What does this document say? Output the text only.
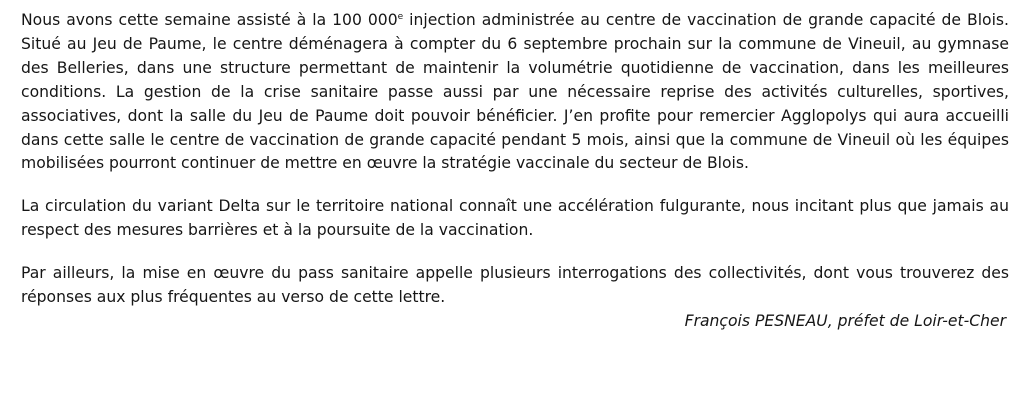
Nous avons cette semaine assisté à la 100 000e injection administrée au centre de vaccination de grande capacité de Blois. Situé au Jeu de Paume, le centre déménagera à compter du 6 septembre prochain sur la commune de Vineuil, au gymnase des Belleries, dans une structure permettant de maintenir la volumétrie quotidienne de vaccination, dans les meilleures conditions. La gestion de la crise sanitaire passe aussi par une nécessaire reprise des activités culturelles, sportives, associatives, dont la salle du Jeu de Paume doit pouvoir bénéficier. J’en profite pour remercier Agglopolys qui aura accueilli dans cette salle le centre de vaccination de grande capacité pendant 5 mois, ainsi que la commune de Vineuil où les équipes mobilisées pourront continuer de mettre en œuvre la stratégie vaccinale du secteur de Blois.

La circulation du variant Delta sur le territoire national connaît une accélération fulgurante, nous incitant plus que jamais au respect des mesures barrières et à la poursuite de la vaccination.

Par ailleurs, la mise en œuvre du pass sanitaire appelle plusieurs interrogations des collectivités, dont vous trouverez des réponses aux plus fréquentes au verso de cette lettre.

François PESNEAU, préfet de Loir-et-Cher
